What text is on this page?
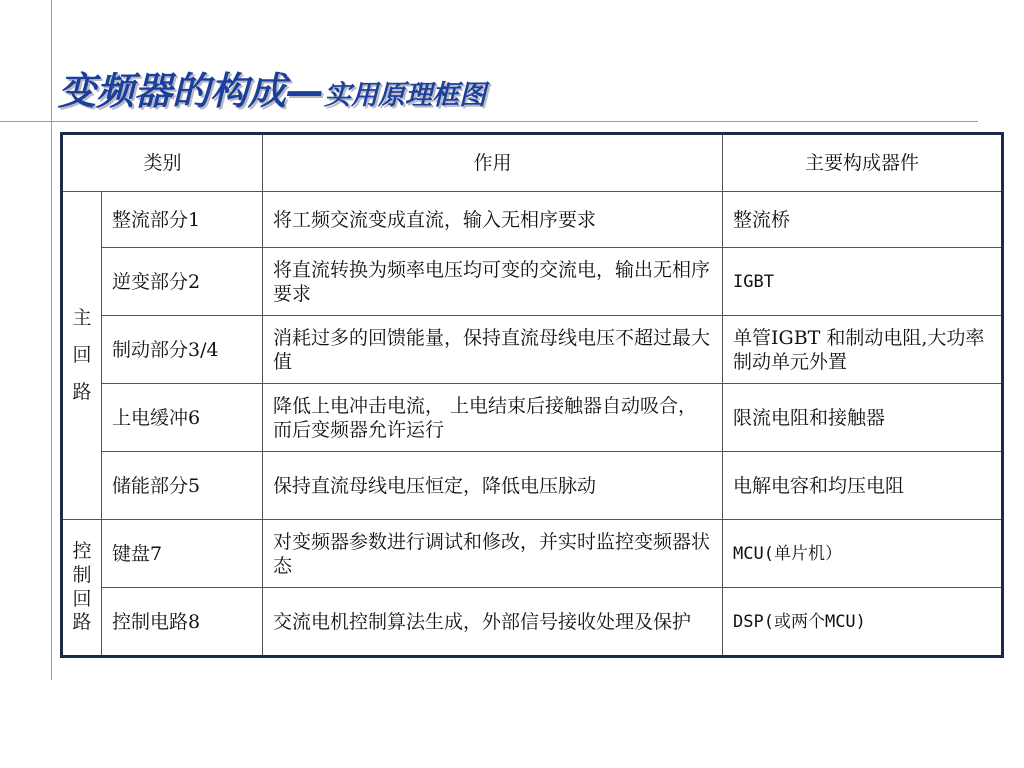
变频器的构成—实用原理框图
类别		作用	主要构成器件
主回路	整流部分1	将工频交流变成直流，输入无相序要求	整流桥
	逆变部分2	将直流转换为频率电压均可变的交流电，输出无相序要求	IGBT
	制动部分3/4	消耗过多的回馈能量，保持直流母线电压不超过最大值	单管IGBT 和制动电阻,大功率制动单元外置
	上电缓冲6	降低上电冲击电流， 上电结束后接触器自动吸合，而后变频器允许运行	限流电阻和接触器
	储能部分5	保持直流母线电压恒定，降低电压脉动	电解电容和均压电阻
控制回路	键盘7	对变频器参数进行调试和修改，并实时监控变频器状态	MCU(单片机）
	控制电路8	交流电机控制算法生成，外部信号接收处理及保护	DSP(或两个MCU)
